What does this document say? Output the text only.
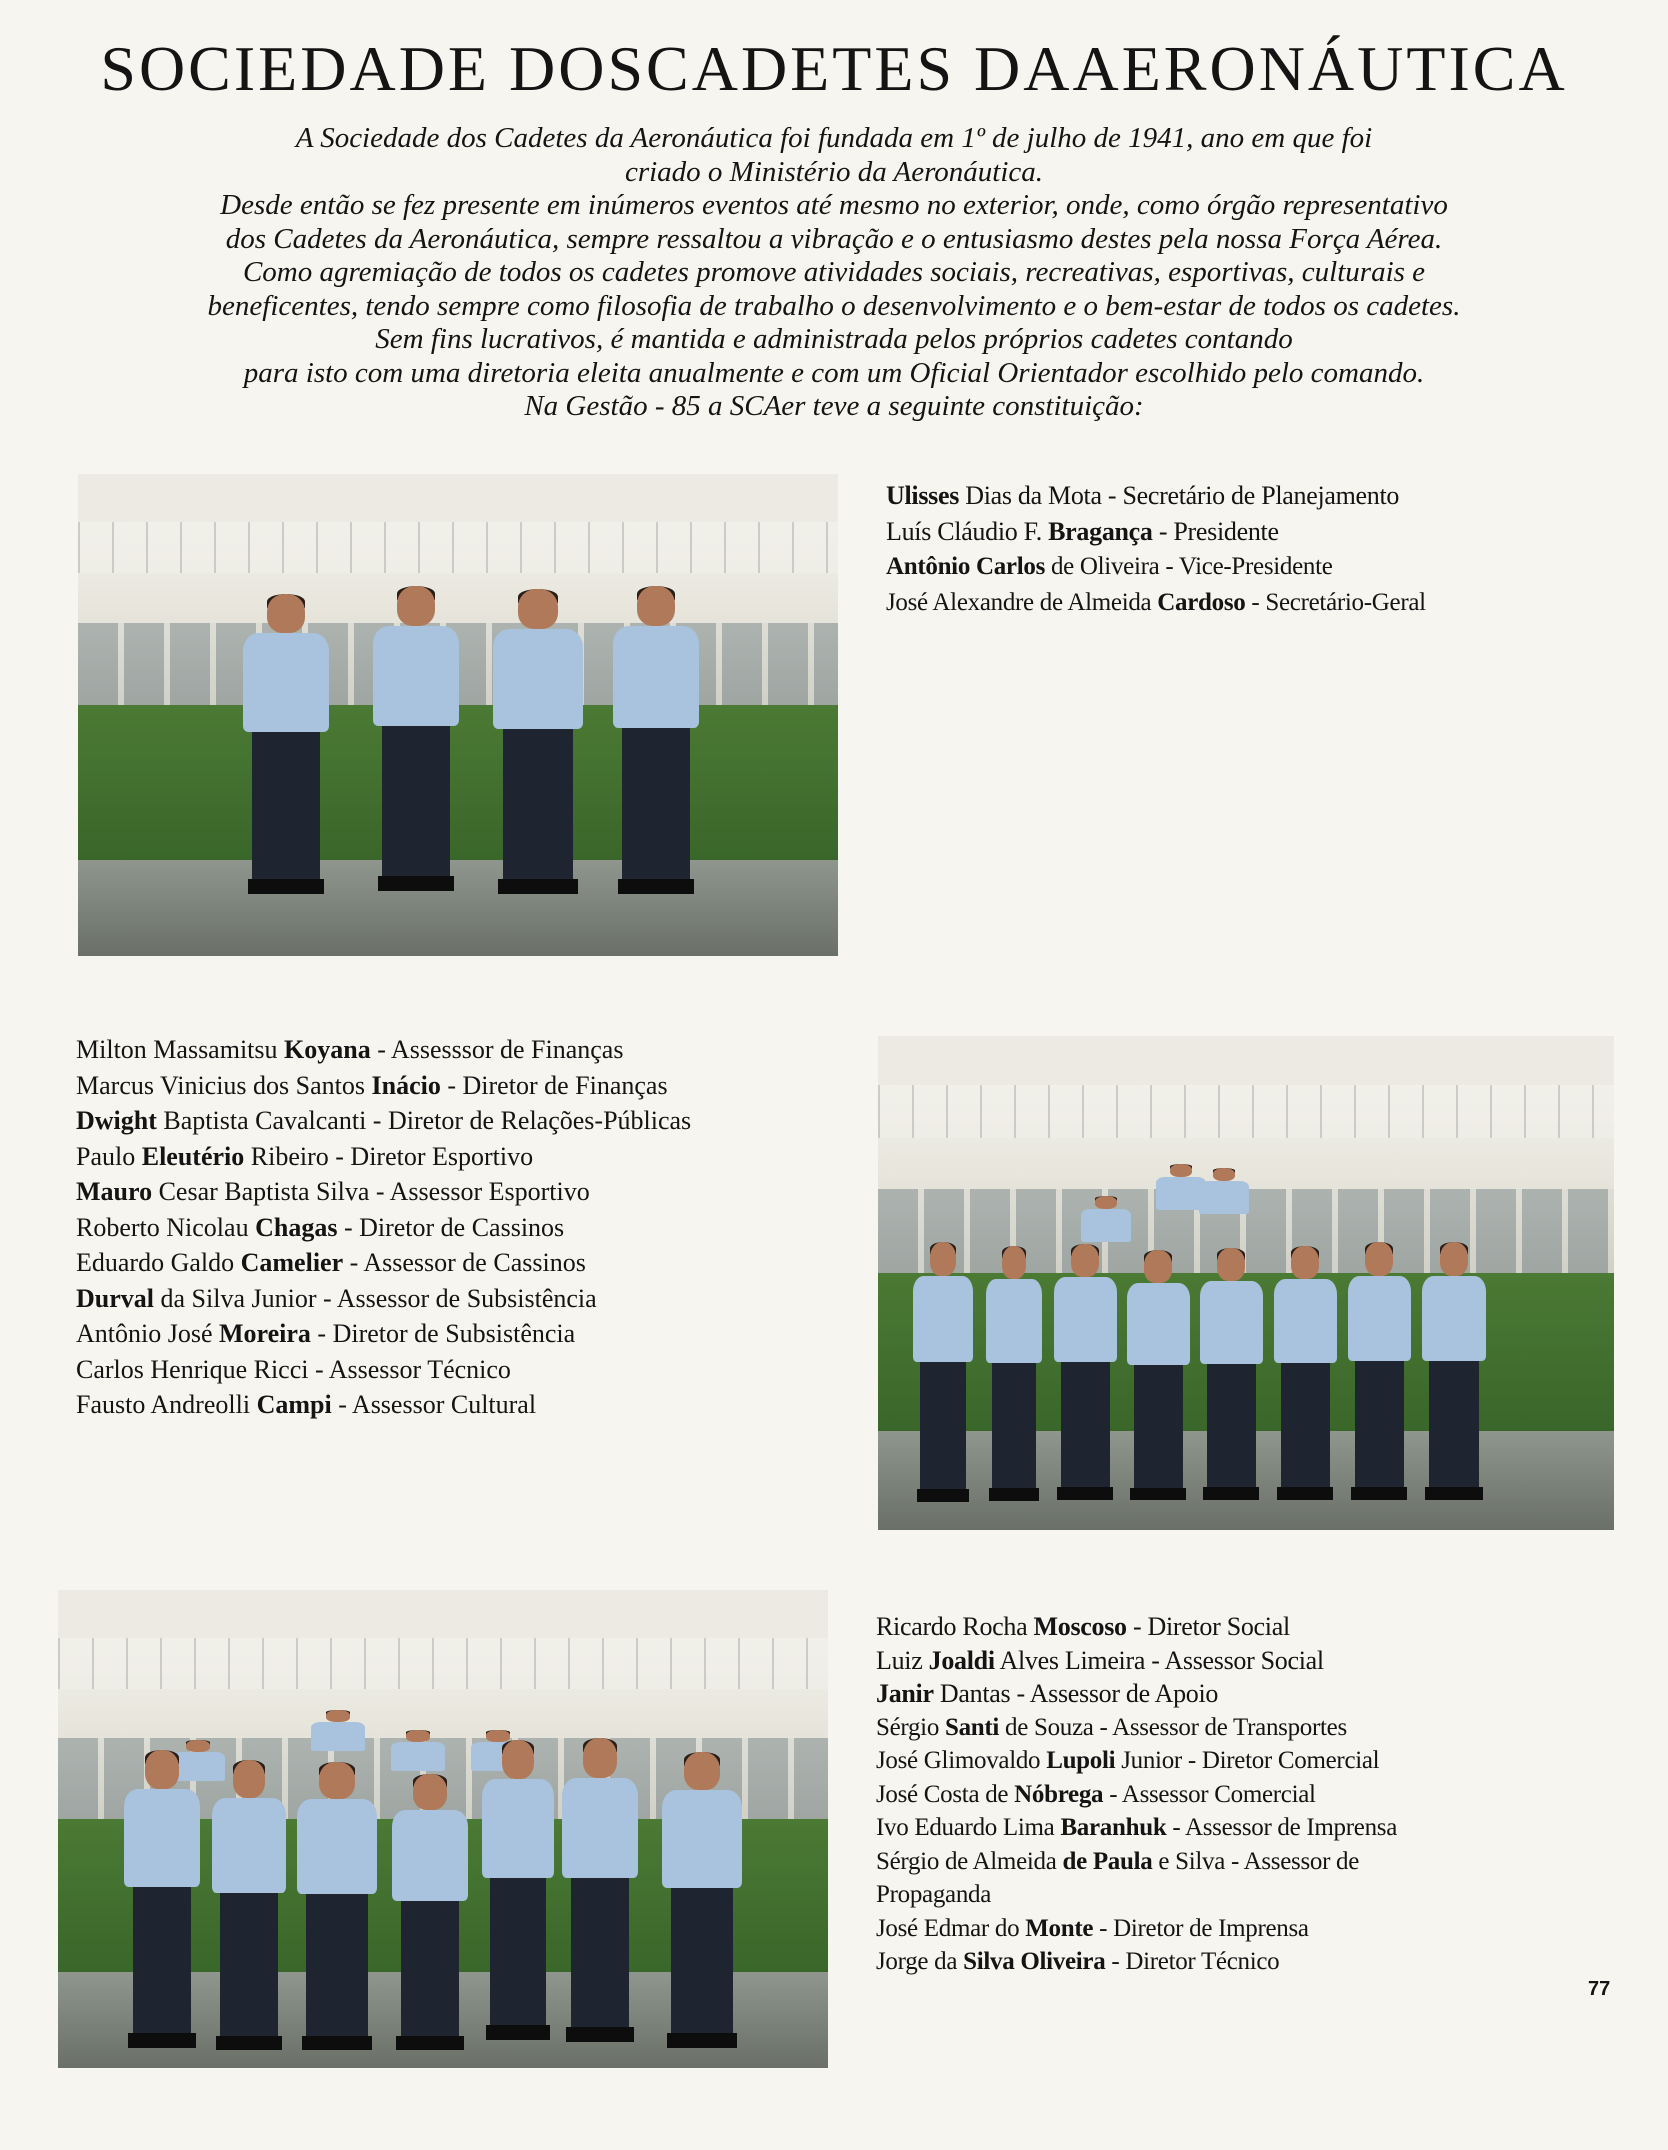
SOCIEDADE DOSCADETES DAAERONÁUTICA

A Sociedade dos Cadetes da Aeronáutica foi fundada em 1º de julho de 1941, ano em que foi

criado o Ministério da Aeronáutica.

Desde então se fez presente em inúmeros eventos até mesmo no exterior, onde, como órgão representativo

dos Cadetes da Aeronáutica, sempre ressaltou a vibração e o entusiasmo destes pela nossa Força Aérea.

Como agremiação de todos os cadetes promove atividades sociais, recreativas, esportivas, culturais e

beneficentes, tendo sempre como filosofia de trabalho o desenvolvimento e o bem-estar de todos os cadetes.

Sem fins lucrativos, é mantida e administrada pelos próprios cadetes contando

para isto com uma diretoria eleita anualmente e com um Oficial Orientador escolhido pelo comando.

Na Gestão - 85 a SCAer teve a seguinte constituição:

Ulisses Dias da Mota - Secretário de Planejamento
Luís Cláudio F. Bragança - Presidente
Antônio Carlos de Oliveira - Vice-Presidente
José Alexandre de Almeida Cardoso - Secretário-Geral
Milton Massamitsu Koyana - Assesssor de Finanças
Marcus Vinicius dos Santos Inácio - Diretor de Finanças
Dwight Baptista Cavalcanti - Diretor de Relações-Públicas
Paulo Eleutério Ribeiro - Diretor Esportivo
Mauro Cesar Baptista Silva - Assessor Esportivo
Roberto Nicolau Chagas - Diretor de Cassinos
Eduardo Galdo Camelier - Assessor de Cassinos
Durval da Silva Junior - Assessor de Subsistência
Antônio José Moreira - Diretor de Subsistência
Carlos Henrique Ricci - Assessor Técnico
Fausto Andreolli Campi - Assessor Cultural
Ricardo Rocha Moscoso - Diretor Social
Luiz Joaldi Alves Limeira - Assessor Social
Janir Dantas - Assessor de Apoio
Sérgio Santi de Souza - Assessor de Transportes
José Glimovaldo Lupoli Junior - Diretor Comercial
José Costa de Nóbrega - Assessor Comercial
Ivo Eduardo Lima Baranhuk - Assessor de Imprensa
Sérgio de Almeida de Paula e Silva - Assessor de
Propaganda
José Edmar do Monte - Diretor de Imprensa
Jorge da Silva Oliveira - Diretor Técnico
77
